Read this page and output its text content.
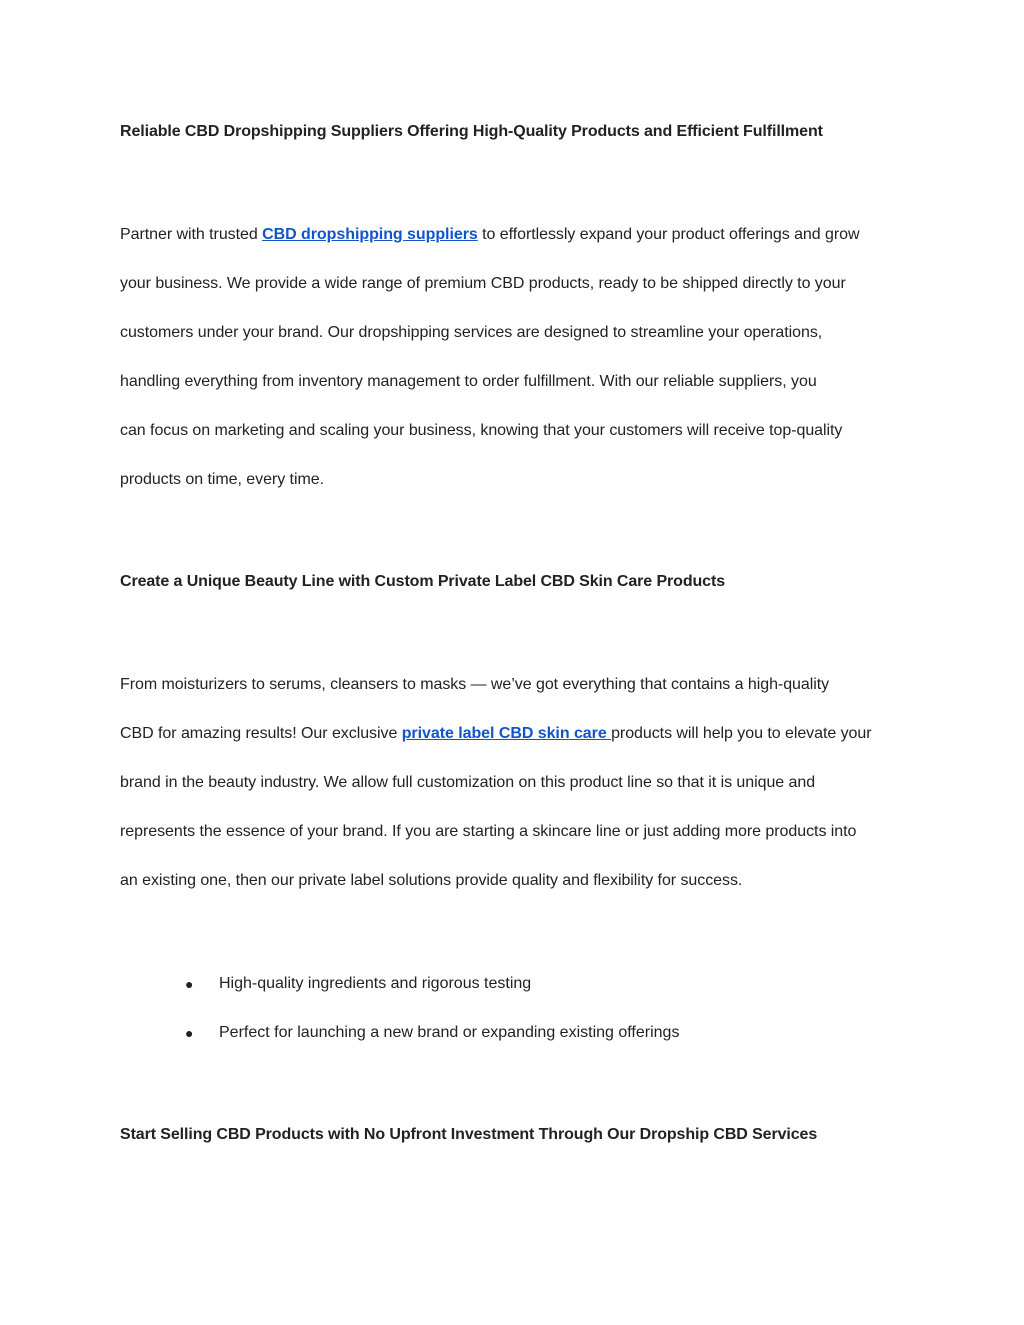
Reliable CBD Dropshipping Suppliers Offering High-Quality Products and Efficient Fulfillment

Partner with trusted CBD dropshipping suppliers to effortlessly expand your product offerings and grow
your business. We provide a wide range of premium CBD products, ready to be shipped directly to your
customers under your brand. Our dropshipping services are designed to streamline your operations,
handling everything from inventory management to order fulfillment. With our reliable suppliers, you
can focus on marketing and scaling your business, knowing that your customers will receive top-quality
products on time, every time.

Create a Unique Beauty Line with Custom Private Label CBD Skin Care Products

From moisturizers to serums, cleansers to masks — we’ve got everything that contains a high-quality
CBD for amazing results! Our exclusive private label CBD skin care products will help you to elevate your
brand in the beauty industry. We allow full customization on this product line so that it is unique and
represents the essence of your brand. If you are starting a skincare line or just adding more products into
an existing one, then our private label solutions provide quality and flexibility for success.

●	High-quality ingredients and rigorous testing
●	Perfect for launching a new brand or expanding existing offerings
Start Selling CBD Products with No Upfront Investment Through Our Dropship CBD Services
